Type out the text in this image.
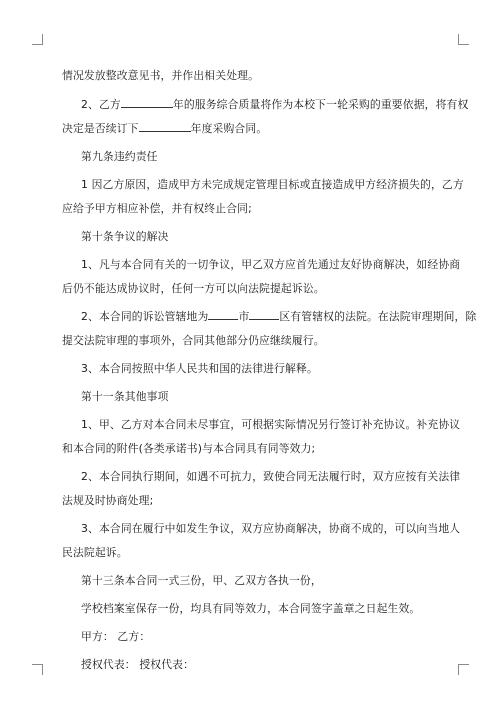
情况发放整改意见书，并作出相关处理。

2、乙方	年的服务综合质量将作为本校下一轮采购的重要依据，将有权

决定是否续订下	年度采购合同。

第九条违约责任

1 因乙方原因，造成甲方未完成规定管理目标或直接造成甲方经济损失的，乙方

应给予甲方相应补偿，并有权终止合同;

第十条争议的解决

1、凡与本合同有关的一切争议，甲乙双方应首先通过友好协商解决，如经协商

后仍不能达成协议时，任何一方可以向法院提起诉讼。

2、本合同的诉讼管辖地为	市	区有管辖权的法院。在法院审理期间，除

提交法院审理的事项外，合同其他部分仍应继续履行。

3、本合同按照中华人民共和国的法律进行解释。

第十一条其他事项

1、甲、乙方对本合同未尽事宜，可根据实际情况另行签订补充协议。补充协议

和本合同的附件(各类承诺书)与本合同具有同等效力;

2、本合同执行期间，如遇不可抗力，致使合同无法履行时，双方应按有关法律

法规及时协商处理;

3、本合同在履行中如发生争议，双方应协商解决，协商不成的，可以向当地人

民法院起诉。

第十三条本合同一式三份，甲、乙双方各执一份，

学校档案室保存一份，均具有同等效力，本合同签字盖章之日起生效。

甲方： 乙方：

授权代表： 授权代表：
